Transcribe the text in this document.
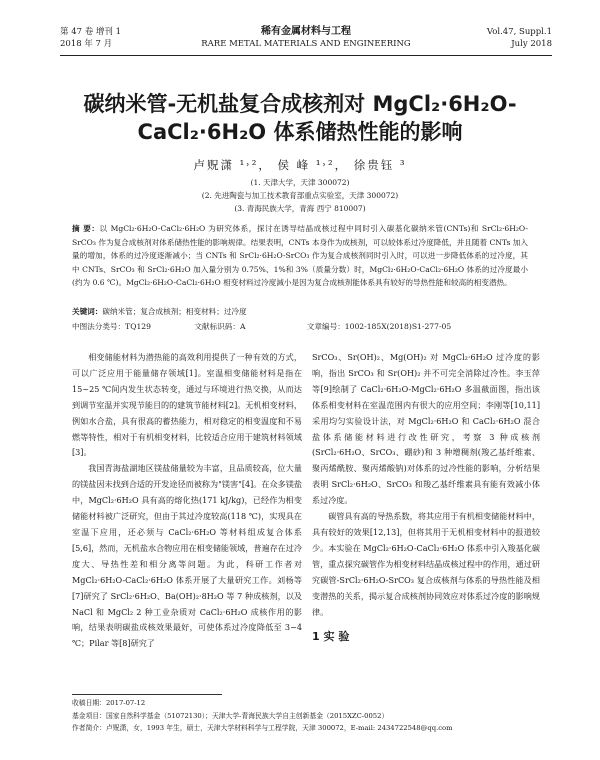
第 47 卷 增刊 1
2018 年 7 月
稀有金属材料与工程
RARE METAL MATERIALS AND ENGINEERING
Vol.47, Suppl.1
July 2018
碳纳米管-无机盐复合成核剂对 MgCl₂·6H₂O-
CaCl₂·6H₂O 体系储热性能的影响
卢贶潇 ¹˒²， 侯 峰 ¹˒²， 徐贵钰 ³
(1. 天津大学，天津 300072)
(2. 先进陶瓷与加工技术教育部重点实验室，天津 300072)
(3. 青海民族大学，青海 西宁 810007)
摘 要：以 MgCl₂·6H₂O-CaCl₂·6H₂O 为研究体系，探讨在诱导结晶成核过程中同时引入碳基化碳纳米管(CNTs)和 SrCl₂·6H₂O-SrCO₃ 作为复合成核剂对体系储热性能的影响规律。结果表明，CNTs 本身作为成核剂，可以较体系过冷度降低，并且随着 CNTs 加入量的增加，体系的过冷度逐渐减小；当 CNTs 和 SrCl₂·6H₂O-SrCO₃ 作为复合成核剂同时引入时，可以进一步降低体系的过冷度，其中 CNTs、SrCO₃ 和 SrCl₂·6H₂O 加入量分别为 0.75%、1%和 3%（质量分数）时，MgCl₂·6H₂O-CaCl₂·6H₂O 体系的过冷度最小(约为 0.6 ℃)。MgCl₂·6H₂O-CaCl₂·6H₂O 相变材料过冷度減小是因为复合成核剂能体系具有较好的导热性能和较高的相变潜热。
关键词：碳纳米管；复合成核剂；相变材料；过冷度
中图法分类号：TQ129	文献标识码：A	文章编号：1002-185X(2018)S1-277-05

相变储能材料为潜热能的高效利用提供了一种有效的方式，可以广泛应用于能量储存领域[1]。室温相变储能材料是指在 15~25 ℃间内发生状态转变，通过与环境进行热交换，从而达到调节室温并实现节能目的的建筑节能材料[2]。无机相变材料，例如水合盐，具有很高的蓄热能力，相对稳定的相变温度和不易燃等特性，相对于有机相变材料，比较适合应用于建筑材料领域[3]。

我国青海盐湖地区镁盐储量较为丰富，且品质较高，位大量的镁盐因未找到合适的开发途径而被称为"镁害"[4]。在众多镁盐中，MgCl₂·6H₂O 具有高的熔化热(171 kJ/kg)，已经作为相变储能材料被广泛研究，但由于其过冷度较高(118 ℃)，实现具在室温下应用，还必须与 CaCl₂·6H₂O 等材料组成复合体系[5,6]，然而，无机盐水合物应用在相变储能领域，普遍存在过冷度大、导热性差和相分离等问题。为此，科研工作者对 MgCl₂·6H₂O-CaCl₂·6H₂O 体系开展了大量研究工作。刘杨等[7]研究了 SrCl₂·6H₂O、Ba(OH)₂·8H₂O 等 7 种成核剂，以及 NaCl 和 MgCl₂ 2 种工业杂质对 CaCl₂·6H₂O 成核作用的影响，结果表明碳盐成核效果最好，可使体系过冷度降低至 3~4 ℃；Pilar 等[8]研究了

SrCO₃、Sr(OH)₂、Mg(OH)₂ 对 MgCl₂·6H₂O 过冷度的影响，指出 SrCO₃ 和 Sr(OH)₂ 并不可完全消除过冷性。李玉萍等[9]绘制了 CaCl₂·6H₂O-MgCl₂·6H₂O 多温截面图，指出该体系相变材料在室温范围内有很大的应用空间；李刚等[10,11]采用均匀实验设计法，对 MgCl₂·6H₂O 和 CaCl₂·6H₂O 混合盐体系储能材料进行改性研究，考察 3 种成核剂(SrCl₂·6H₂O、SrCO₃、硼砂)和 3 种增稠剂(羧乙基纤维素、聚丙烯酰胺、聚丙烯酸钠)对体系的过冷性能的影响，分析结果表明 SrCl₂·6H₂O、SrCO₃ 和羧乙基纤维素具有能有效减小体系过冷度。

碳管具有高的导热系数，将其应用于有机相变储能材料中，具有较好的效果[12,13]，但将其用于无机相变材料中的报道较少。本实验在 MgCl₂·6H₂O-CaCl₂·6H₂O 体系中引入羧基化碳管，重点探究碳管作为相变材料结晶成核过程中的作用，通过研究碳管-SrCl₂·6H₂O-SrCO₃ 复合成核剂与体系的导热性能及相变潜热的关系，揭示复合成核剂协同效应对体系过冷度的影响规律。

1 实 验
收稿日期：2017-07-12
基金项目：国家自然科学基金（51072130）；天津大学-青海民族大学自主创新基金（2015XZC-0052）
作者简介：卢贶潇，女，1993 年生，硕士，天津大学材料科学与工程学院，天津 300072，E-mail: 2434722548@qq.com
